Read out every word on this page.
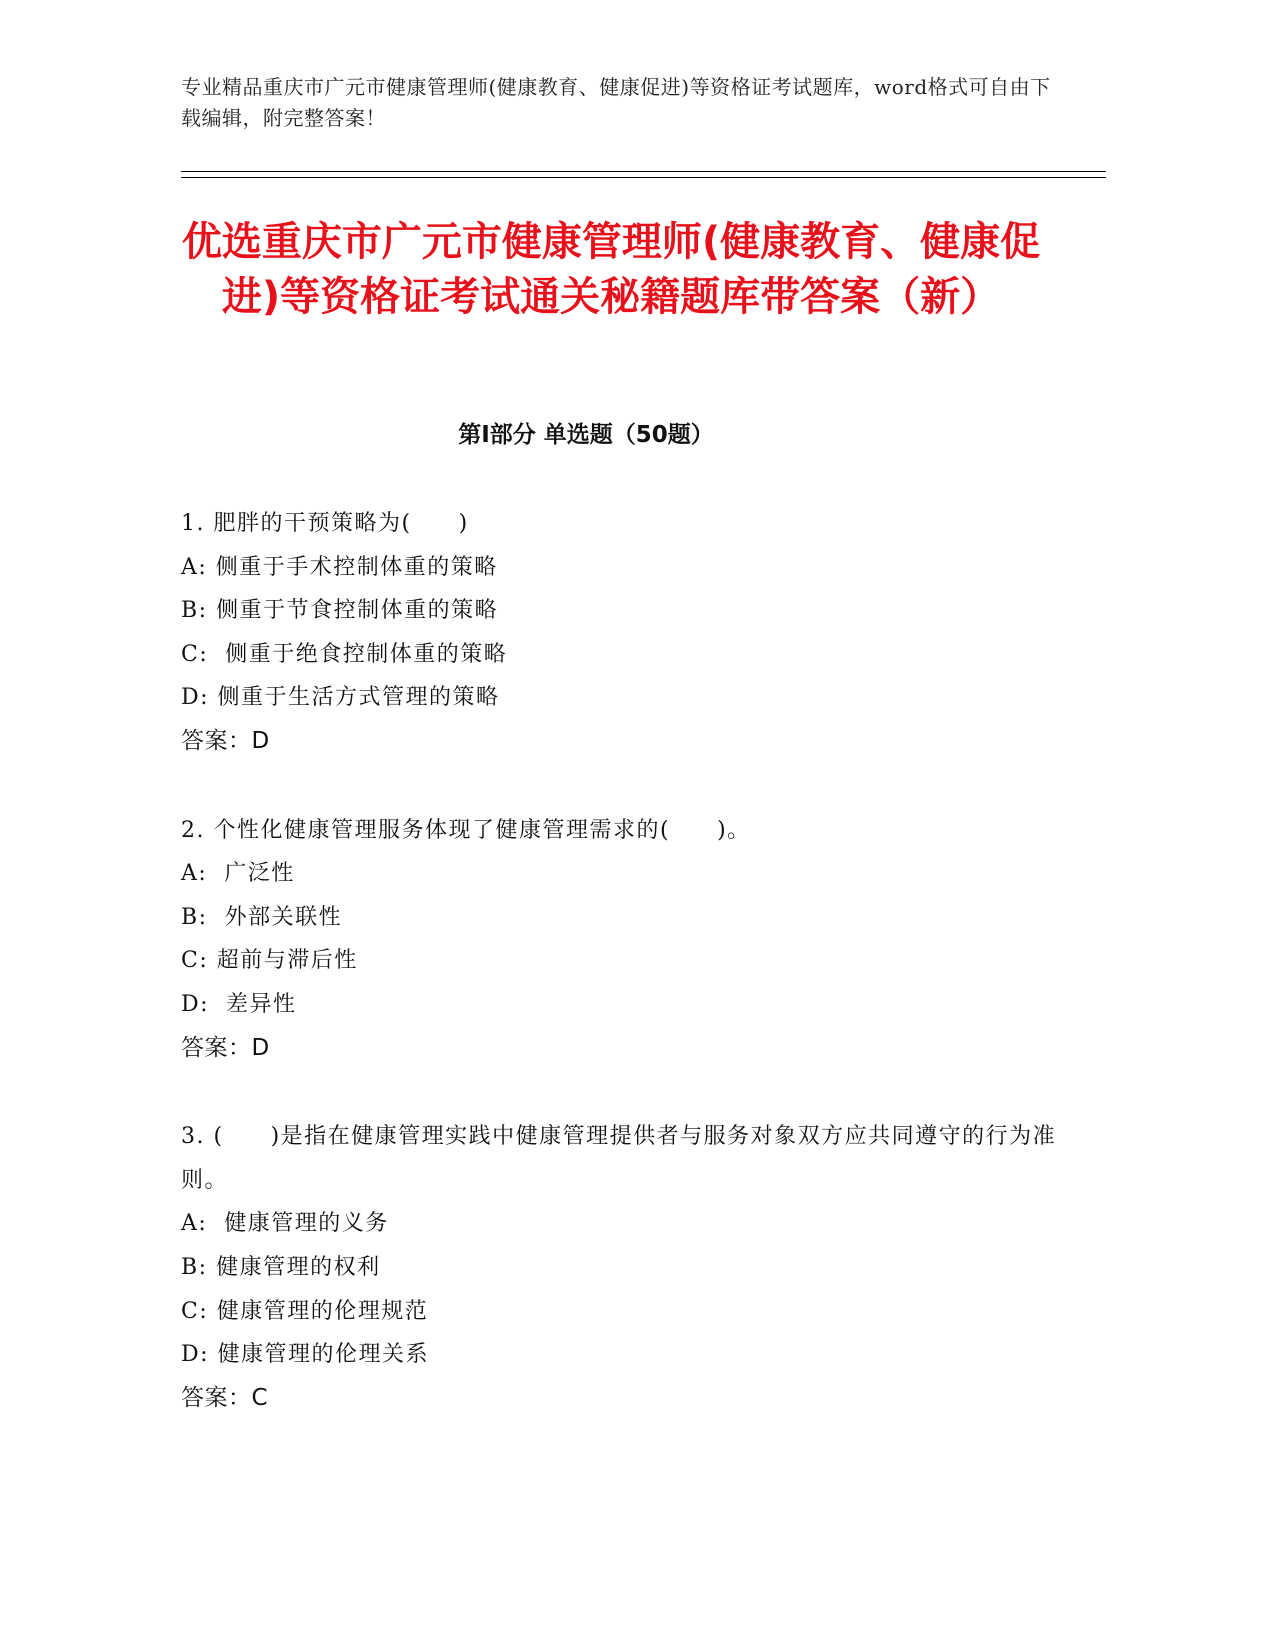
专业精品重庆市广元市健康管理师(健康教育、健康促进)等资格证考试题库，word格式可自由下载编辑，附完整答案！
优选重庆市广元市健康管理师(健康教育、健康促进)等资格证考试通关秘籍题库带答案（新）
第Ⅰ部分 单选题（50题）
1. 肥胖的干预策略为(　　)
A: 侧重于手术控制体重的策略
B: 侧重于节食控制体重的策略
C:  侧重于绝食控制体重的策略
D: 侧重于生活方式管理的策略
答案：D
2. 个性化健康管理服务体现了健康管理需求的(　　)。
A:  广泛性
B:  外部关联性
C: 超前与滞后性
D:  差异性
答案：D
3. (　　)是指在健康管理实践中健康管理提供者与服务对象双方应共同遵守的行为准则。
A:  健康管理的义务
B: 健康管理的权利
C: 健康管理的伦理规范
D: 健康管理的伦理关系
答案：C
